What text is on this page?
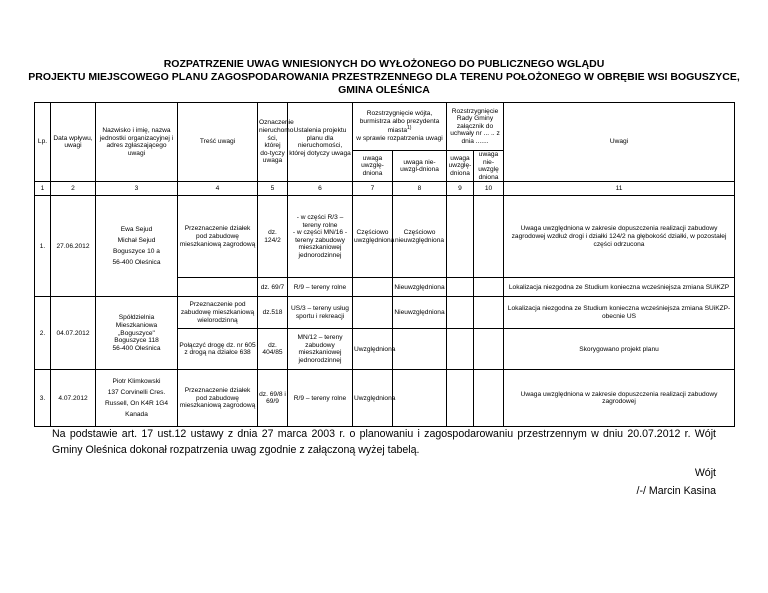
ROZPATRZENIE UWAG WNIESIONYCH DO WYŁOŻONEGO DO PUBLICZNEGO WGLĄDU
PROJEKTU MIEJSCOWEGO PLANU ZAGOSPODAROWANIA PRZESTRZENNEGO DLA TERENU POŁOŻONEGO W OBRĘBIE WSI BOGUSZYCE,
GMINA OLEŚNICA
Lp.	Data wpływu, uwagi	Nazwisko i imię, nazwa jednostki organizacyjnej i adres zgłaszającego uwagi	Treść uwagi	Oznaczenie nieruchomo ści, której do-tyczy uwaga	Ustalenia projektu planu dla nieruchomości, której dotyczy uwaga	Rozstrzygnięcie wójta, burmistrza albo prezydenta miasta$^{1)}$
w sprawie rozpatrzenia uwagi		Rozstrzygnięcie Rady Gminy załącznik do uchwały nr ... .. z dnia .......		Uwagi
						uwaga uwzglę-dniona	uwaga nie-uwzgl-dniona	uwaga uwzglę-dniona	uwaga nie-uwzglę dniona	
1	2	3	4	5	6	7	8	9	10	11
1.	27.06.2012	Ewa Sejud
Michał Sejud
Boguszyce 10 a
56-400 Oleśnica	Przeznaczenie działek pod zabudowę mieszkaniową zagrodową	dz. 124/2	- w części R/3 – tereny rolne
- w części MN/16 - tereny zabudowy mieszkaniowej jednorodzinnej	Częściowo uwzględniona	Częściowo nieuwzględniona			Uwaga uwzględniona w zakresie dopuszczenia realizacji zabudowy zagrodowej wzdłuż drogi i działki 124/2 na głębokość działki, w pozostałej części odrzucona
				dz. 69/7	R/9 – tereny rolne		Nieuwzględniona			Lokalizacja niezgodna ze Studium konieczna wcześniejsza zmiana SUiKZP
2.	04.07.2012	Spółdzielnia Mieszkaniowa „Boguszyce" Boguszyce 118 56-400 Oleśnica	Przeznaczenie pod zabudowę mieszkaniową wielorodzinną	dz.518	US/3 – tereny usług sportu i rekreacji		Nieuwzględniona			Lokalizacja niezgodna ze Studium konieczna wcześniejsza zmiana SUiKZP- obecnie US
			Połączyć drogę dz. nr 605 z drogą na działce 638	dz. 404/85	MN/12 – tereny zabudowy mieszkaniowej jednorodzinnej	Uwzględniona				Skorygowano projekt planu
3.	4.07.2012	Piotr Klimkowski
137 Corvinelli Cres.
Russell, On K4R 1G4
Kanada	Przeznaczenie działek pod zabudowę mieszkaniową zagrodową	dz. 69/8 i 69/9	R/9 – tereny rolne	Uwzględniona				Uwaga uwzględniona w zakresie dopuszczenia realizacji zabudowy zagrodowej
Na podstawie art. 17 ust.12 ustawy z dnia 27 marca 2003 r. o planowaniu i zagospodarowaniu przestrzennym w dniu 20.07.2012 r. Wójt Gminy Oleśnica dokonał rozpatrzenia uwag zgodnie z załączoną wyżej tabelą.
Wójt
/-/ Marcin Kasina
